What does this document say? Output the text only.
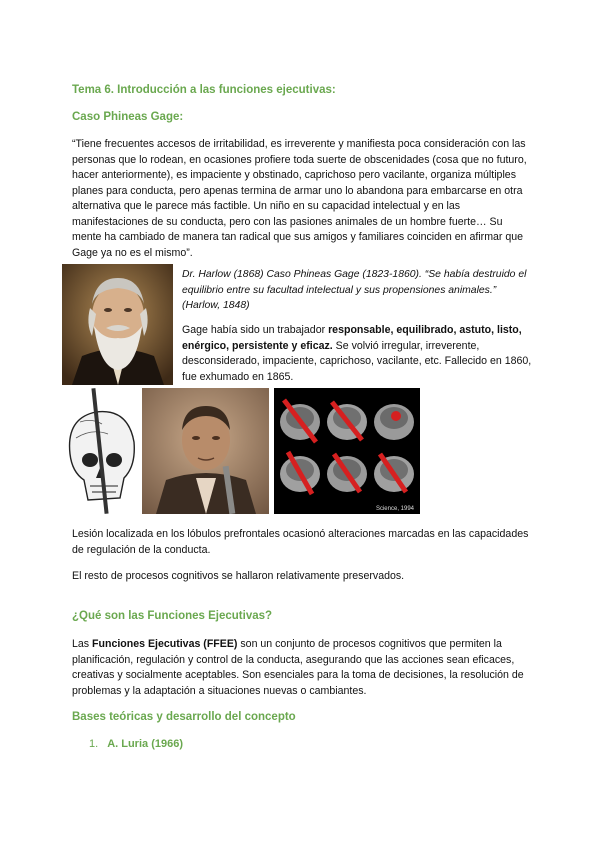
Tema 6. Introducción a las funciones ejecutivas:
Caso Phineas Gage:
“Tiene frecuentes accesos de irritabilidad, es irreverente y manifiesta poca consideración con las personas que lo rodean, en ocasiones profiere toda suerte de obscenidades (cosa que no futuro, hacer anteriormente), es impaciente y obstinado, caprichoso pero vacilante, organiza múltiples planes para conducta, pero apenas termina de armar uno lo abandona para embarcarse en otra alternativa que le parece más factible. Un niño en su capacidad intelectual y en las manifestaciones de su conducta, pero con las pasiones animales de un hombre fuerte… Su mente ha cambiado de manera tan radical que sus amigos y familiares coinciden en afirmar que Gage ya no es el mismo”.
Dr. Harlow (1868) Caso Phineas Gage (1823-1860). “Se había destruido el equilibrio entre su facultad intelectual y sus propensiones animales.” (Harlow, 1848)
Gage había sido un trabajador responsable, equilibrado, astuto, listo, enérgico, persistente y eficaz. Se volvió irregular, irreverente, desconsiderado, impaciente, caprichoso, vacilante, etc. Fallecido en 1860, fue exhumado en 1865.
Science, 1994
Lesión localizada en los lóbulos prefrontales ocasionó alteraciones marcadas en las capacidades de regulación de la conducta.
El resto de procesos cognitivos se hallaron relativamente preservados.
¿Qué son las Funciones Ejecutivas?
Las Funciones Ejecutivas (FFEE) son un conjunto de procesos cognitivos que permiten la planificación, regulación y control de la conducta, asegurando que las acciones sean eficaces, creativas y socialmente aceptables. Son esenciales para la toma de decisiones, la resolución de problemas y la adaptación a situaciones nuevas o cambiantes.
Bases teóricas y desarrollo del concepto
1. A. Luria (1966)
